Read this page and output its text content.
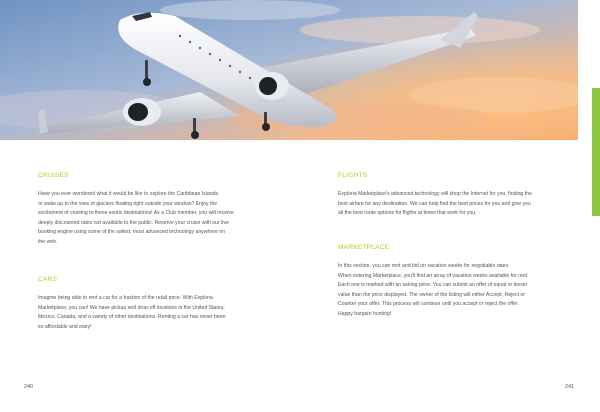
EXPLORIA MARKETPLACE
CRUISES
Have you ever wondered what it would be like to explore the Caribbean Islands
or wake up to the view of glaciers floating right outside your window? Enjoy the
excitement of cruising to these exotic destinations! As a Club member, you will receive
deeply discounted rates not available to the public. Reserve your cruise with our live
booking engine using some of the safest, most advanced technology anywhere on
the web.
CARS
Imagine being able to rent a car for a fraction of the retail price. With Exploria
Marketplace, you can! We have pickup and drop-off locations in the United States,
Mexico, Canada, and a variety of other destinations. Renting a car has never been
so affordable and easy!
FLIGHTS
Exploria Marketplace's advanced technology will shop the Internet for you, finding the
best airfare for any destination. We can help find the best prices for you and give you
all the best route options for flights at times that work for you.
MARKETPLACE
In this section, you can rent and bid on vacation weeks for negotiable rates.
When entering Marketplace, you'll find an array of vacation weeks available for rent.
Each one is marked with an asking price. You can submit an offer of equal or lesser
value than the price displayed. The owner of the listing will either Accept, Reject or
Counter your offer. This process will continue until you accept or reject the offer.
Happy bargain hunting!
240	241
